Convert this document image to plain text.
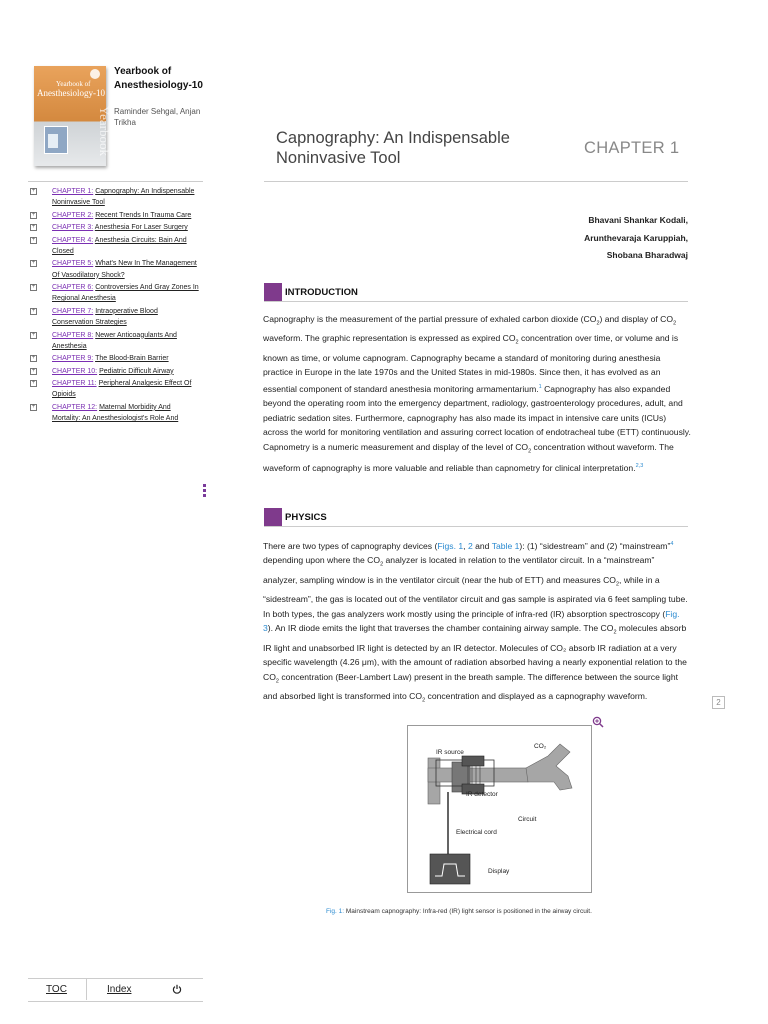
Yearbook of
Anesthesiology-10
Yearbook
Yearbook of Anesthesiology-10
Raminder Sehgal, Anjan Trikha
+ CHAPTER 1: Capnography: An Indispensable Noninvasive Tool
+ CHAPTER 2: Recent Trends In Trauma Care
+ CHAPTER 3: Anesthesia For Laser Surgery
+ CHAPTER 4: Anesthesia Circuits: Bain And Closed
+ CHAPTER 5: What's New In The Management Of Vasodilatory Shock?
+ CHAPTER 6: Controversies And Gray Zones In Regional Anesthesia
+ CHAPTER 7: Intraoperative Blood Conservation Strategies
+ CHAPTER 8: Newer Anticoagulants And Anesthesia
+ CHAPTER 9: The Blood-Brain Barrier
+ CHAPTER 10: Pediatric Difficult Airway
+ CHAPTER 11: Peripheral Analgesic Effect Of Opioids
+ CHAPTER 12: Maternal Morbidity And Mortality: An Anesthesiologist's Role And
TOC	Index
Capnography: An Indispensable Noninvasive Tool
CHAPTER 1
Bhavani Shankar Kodali,
Arunthevaraja Karuppiah,
Shobana Bharadwaj
INTRODUCTION
Capnography is the measurement of the partial pressure of exhaled carbon dioxide $(CO_2)$ and display of $CO_2$ waveform. The graphic representation is expressed as expired $CO_2$ concentration over time, or volume and is known as time, or volume capnogram. Capnography became a standard of monitoring during anesthesia practice in Europe in the late 1970s and the United States in mid-1980s. Since then, it has evolved as an essential component of standard anesthesia monitoring armamentarium.$^1$ Capnography has also expanded beyond the operating room into the emergency department, radiology, gastroenterology procedures, adult, and pediatric sedation sites. Furthermore, capnography has also made its impact in intensive care units (ICUs) across the world for monitoring ventilation and assuring correct location of endotracheal tube (ETT) continuously. Capnometry is a numeric measurement and display of the level of $CO_2$ concentration without waveform. The waveform of capnography is more valuable and reliable than capnometry for clinical interpretation.$^{2,3}$
PHYSICS
There are two types of capnography devices (Figs. 1, 2 and Table 1): (1) “sidestream” and (2) “mainstream”$^4$ depending upon where the $CO_2$ analyzer is located in relation to the ventilator circuit. In a “mainstream” analyzer, sampling window is in the ventilator circuit (near the hub of ETT) and measures $CO_2$, while in a “sidestream”, the gas is located out of the ventilator circuit and gas sample is aspirated via 6 feet sampling tube. In both types, the gas analyzers work mostly using the principle of infra-red (IR) absorption spectroscopy (Fig. 3). An IR diode emits the light that traverses the chamber containing airway sample. The $CO_2$ molecules absorb IR light and unabsorbed IR light is detected by an IR detector. Molecules of CO₂ absorb IR radiation at a very specific wavelength (4.26 μm), with the amount of radiation absorbed having a nearly exponential relation to the $CO_2$ concentration (Beer-Lambert Law) present in the breath sample. The difference between the source light and absorbed light is transformed into $CO_2$ concentration and displayed as a capnography waveform.
2
IR source
CO₂
IR detector
Circuit
Electrical cord
Display
Fig. 1: Mainstream capnography: Infra-red (IR) light sensor is positioned in the airway circuit.
